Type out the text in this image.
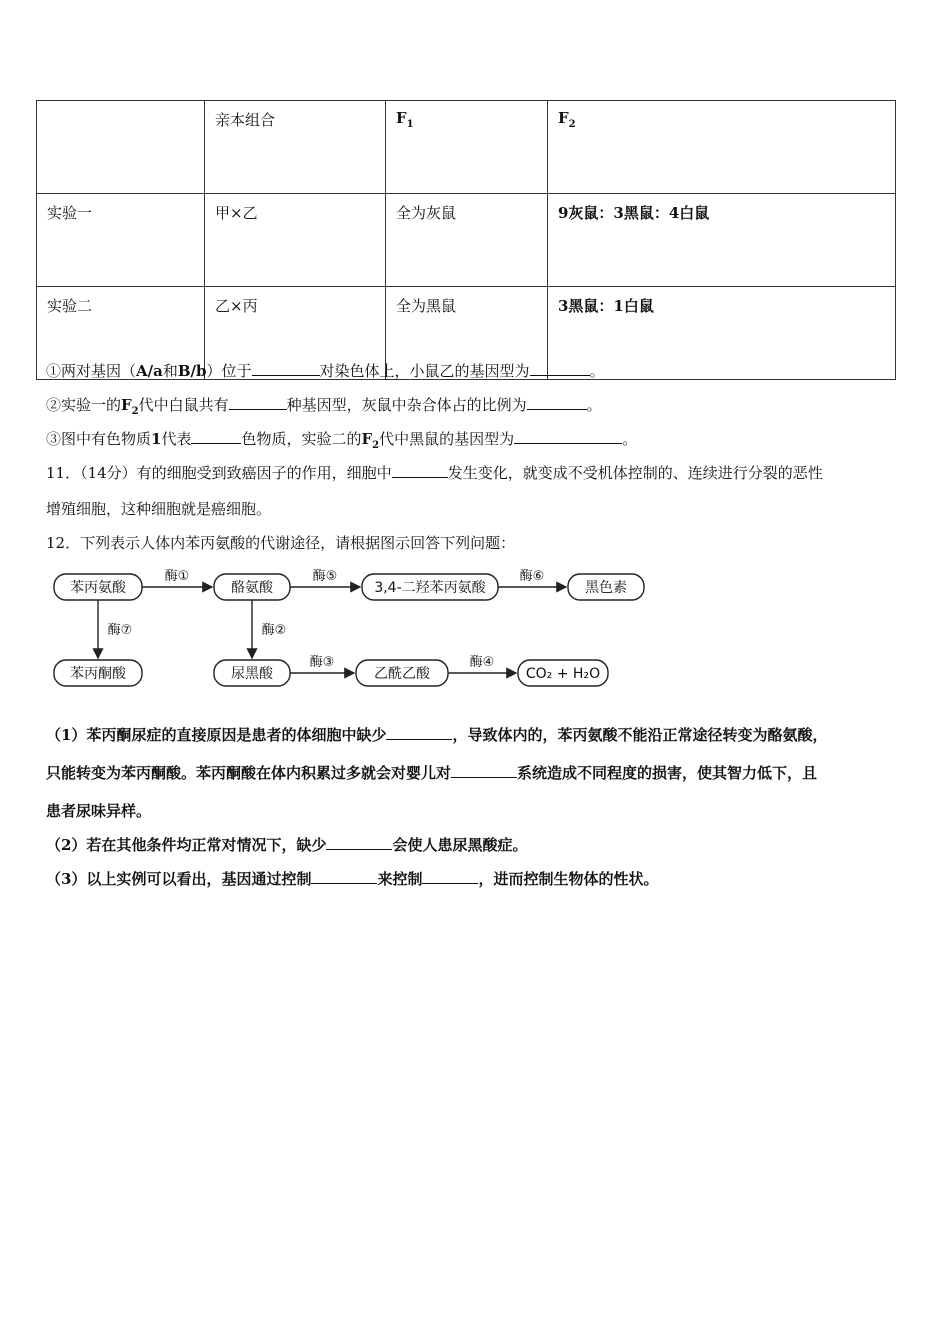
	亲本组合	$F_1$	$F_2$
实验一	甲×乙	全为灰鼠	9灰鼠：3黑鼠：4白鼠
实验二	乙×丙	全为黑鼠	3黑鼠：1白鼠
①两对基因（A/a和B/b）位于	对染色体上，小鼠乙的基因型为	。
②实验一的$F_2$代中白鼠共有	种基因型，灰鼠中杂合体占的比例为	。
③图中有色物质1代表	色物质，实验二的$F_2$代中黑鼠的基因型为	。
11．（14分）有的细胞受到致癌因子的作用，细胞中	发生变化，就变成不受机体控制的、连续进行分裂的恶性
增殖细胞，这种细胞就是癌细胞。
12．下列表示人体内苯丙氨酸的代谢途径，请根据图示回答下列问题：
苯丙氨酸	酪氨酸	3,4-二羟苯丙氨酸	黑色素
苯丙酮酸	尿黑酸	乙酰乙酸	CO₂ + H₂O
酶①	酶⑤	酶⑥
酶⑦	酶②
酶③	酶④
（1）苯丙酮尿症的直接原因是患者的体细胞中缺少	，导致体内的，苯丙氨酸不能沿正常途径转变为酪氨酸，
只能转变为苯丙酮酸。苯丙酮酸在体内积累过多就会对婴儿对	系统造成不同程度的损害，使其智力低下，且
患者尿味异样。
（2）若在其他条件均正常对情况下，缺少	会使人患尿黑酸症。
（3）以上实例可以看出，基因通过控制	来控制	，进而控制生物体的性状。
